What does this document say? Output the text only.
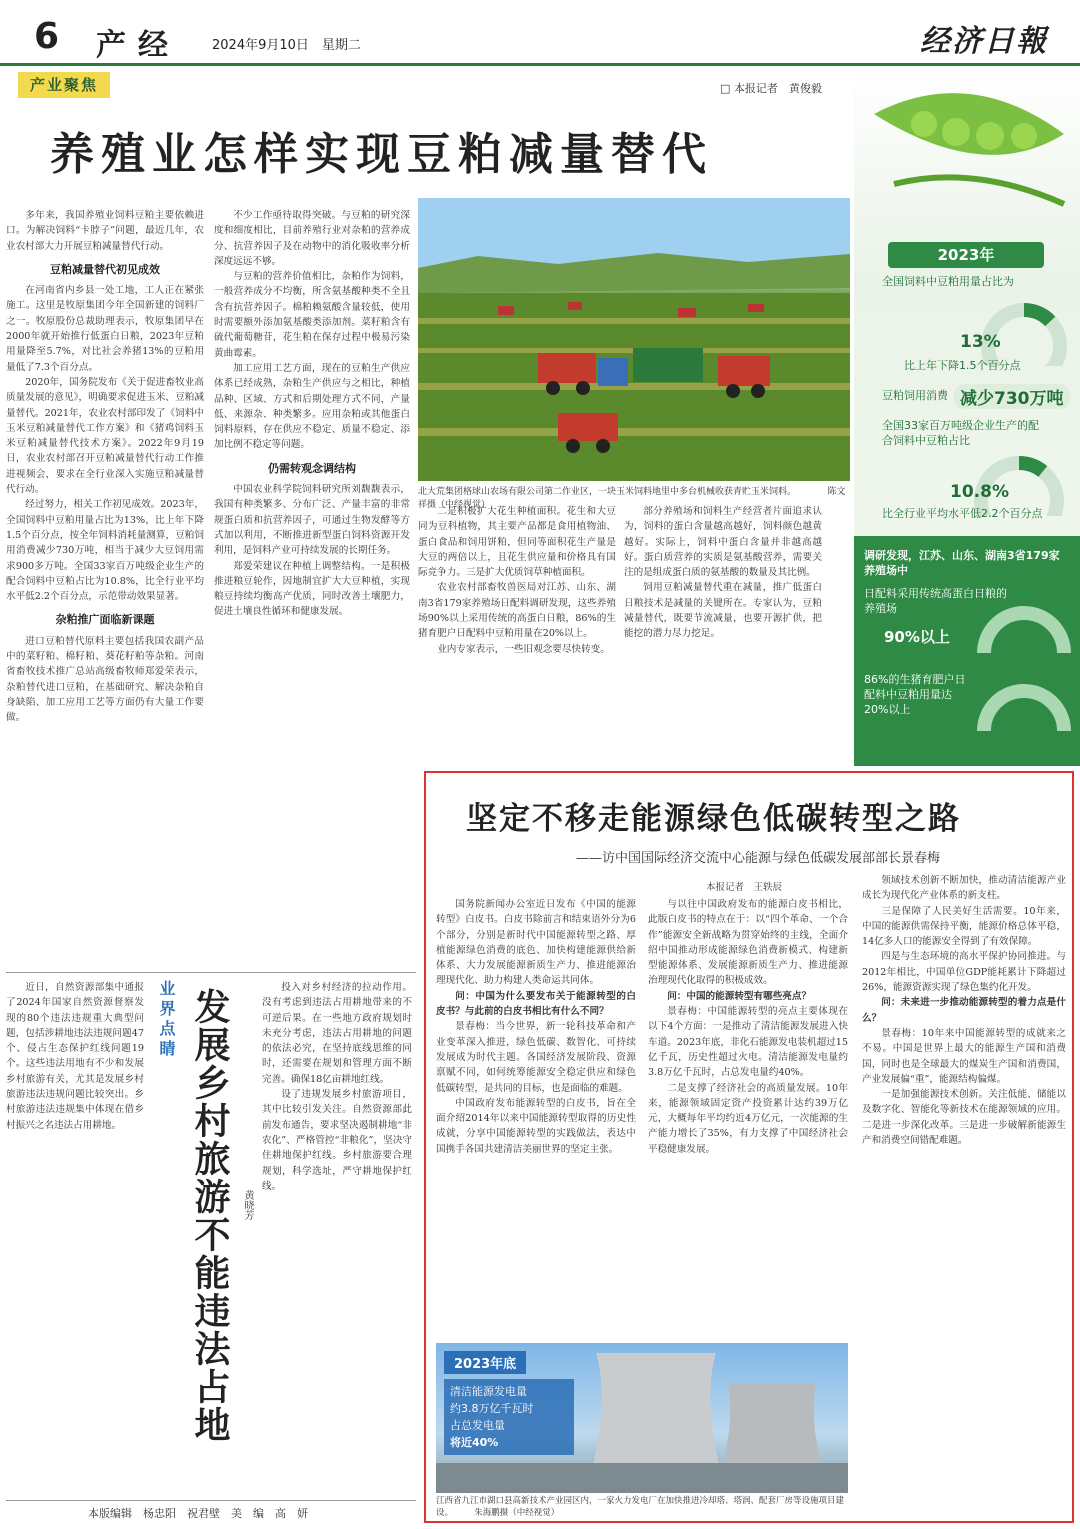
6 产经 2024年9月10日　星期二	经济日報
产业聚焦	□ 本报记者　黄俊毅
养殖业怎样实现豆粕减量替代

多年来，我国养殖业饲料豆粕主要依赖进口。为解决饲料“卡脖子”问题，最近几年，农业农村部大力开展豆粕减量替代行动。

豆粕减量替代初见成效

在河南省内乡县一处工地，工人正在紧张施工。这里是牧原集团今年全国新建的饲料厂之一。牧原股份总裁助理表示，牧原集团早在2000年就开始推行低蛋白日粮，2023年豆粕用量降至5.7%，对比社会养猪13%的豆粕用量低了7.3个百分点。

2020年，国务院发布《关于促进畜牧业高质量发展的意见》，明确要求促进玉米、豆粕减量替代。2021年，农业农村部印发了《饲料中玉米豆粕减量替代工作方案》和《猪鸡饲料玉米豆粕减量替代技术方案》。2022年9月19日，农业农村部召开豆粕减量替代行动工作推进视频会，要求在全行业深入实施豆粕减量替代行动。

经过努力，相关工作初见成效。2023年，全国饲料中豆粕用量占比为13%，比上年下降1.5个百分点，按全年饲料消耗量测算，豆粕饲用消费减少730万吨，相当于减少大豆饲用需求900多万吨。全国33家百万吨级企业生产的配合饲料中豆粕占比为10.8%，比全行业平均水平低2.2个百分点，示范带动效果显著。

杂粕推广面临新课题

进口豆粕替代原料主要包括我国农副产品中的菜籽粕、棉籽粕、葵花籽粕等杂粕。河南省畜牧技术推广总站高级畜牧师郑爱荣表示，杂粕替代进口豆粕，在基础研究、解决杂粕自身缺陷、加工应用工艺等方面仍有大量工作要做。

不少工作亟待取得突破。与豆粕的研究深度和细度相比，目前养殖行业对杂粕的营养成分、抗营养因子及在动物中的消化吸收率分析深度远远不够。

与豆粕的营养价值相比，杂粕作为饲料，一般营养成分不均衡，所含氨基酸种类不全且含有抗营养因子。棉粕赖氨酸含量较低，使用时需要额外添加氨基酸类添加剂。菜籽粕含有硫代葡萄糖苷，花生粕在保存过程中极易污染黄曲霉素。

加工应用工艺方面，现在的豆粕生产供应体系已经成熟，杂粕生产供应与之相比，种植品种、区域、方式和后期处理方式不同，产量低、来源杂、种类繁多。应用杂粕或其他蛋白饲料原料，存在供应不稳定、质量不稳定、添加比例不稳定等问题。

仍需转观念调结构

中国农业科学院饲料研究所刘馥馥表示，我国有种类繁多、分布广泛、产量丰富的非常规蛋白质和抗营养因子，可通过生物发酵等方式加以利用，不断推进新型蛋白饲料资源开发利用，是饲料产业可持续发展的长期任务。

郑爱荣建议在种植上调整结构。一是积极推进粮豆轮作，因地制宜扩大大豆种植，实现粮豆持续均衡高产优质，同时改善土壤肥力，促进土壤良性循环和健康发展。

北大荒集团格球山农场有限公司第二作业区，一块玉米饲料地里中多台机械收获青贮玉米饲料。　　　　陈文祥摄（中经视觉）

二是积极扩大花生种植面积。花生和大豆同为豆科植物，其主要产品都是食用植物油、蛋白食品和饲用饼粕，但同等面积花生产量是大豆的两倍以上，且花生供应量和价格具有国际竞争力。三是扩大优质饲草种植面积。

农业农村部畜牧兽医局对江苏、山东、湖南3省179家养殖场日配料调研发现，这些养殖场90%以上采用传统的高蛋白日粮，86%的生猪育肥户日配料中豆粕用量在20%以上。

业内专家表示，一些旧观念要尽快转变。

部分养殖场和饲料生产经营者片面追求认为，饲料的蛋白含量越高越好，饲料颜色越黄越好。实际上，饲料中蛋白含量并非越高越好。蛋白质营养的实质是氨基酸营养，需要关注的是组成蛋白质的氨基酸的数量及其比例。

饲用豆粕减量替代重在减量，推广低蛋白日粮技术是减量的关键所在。专家认为，豆粕减量替代，既要节流减量，也要开源扩供，把能挖的潜力尽力挖足。

2023年
全国饲料中豆粕用量占比为
13%
比上年下降1.5个百分点
豆粕饲用消费 减少730万吨
全国33家百万吨级企业生产的配合饲料中豆粕占比
10.8%
比全行业平均水平低2.2个百分点
调研发现，江苏、山东、湖南3省179家养殖场中
日配料采用传统高蛋白日粮的养殖场
90%以上
86%的生猪育肥户日配料中豆粕用量达20%以上
坚定不移走能源绿色低碳转型之路
——访中国国际经济交流中心能源与绿色低碳发展部部长景春梅
本报记者　王轶辰

国务院新闻办公室近日发布《中国的能源转型》白皮书。白皮书除前言和结束语外分为6个部分，分别是新时代中国能源转型之路、厚植能源绿色消费的底色、加快构建能源供给新体系、大力发展能源新质生产力、推进能源治理现代化、助力构建人类命运共同体。

问：中国为什么要发布关于能源转型的白皮书？与此前的白皮书相比有什么不同？

景春梅：当今世界，新一轮科技革命和产业变革深入推进，绿色低碳、数智化、可持续发展成为时代主题。各国经济发展阶段、资源禀赋不同，如何统筹能源安全稳定供应和绿色低碳转型，是共同的目标，也是面临的难题。

中国政府发布能源转型的白皮书，旨在全面介绍2014年以来中国能源转型取得的历史性成就，分享中国能源转型的实践做法，表达中国携手各国共建清洁美丽世界的坚定主张。

与以往中国政府发布的能源白皮书相比，此版白皮书的特点在于：以“四个革命、一个合作”能源安全新战略为贯穿始终的主线，全面介绍中国推动形成能源绿色消费新模式、构建新型能源体系、发展能源新质生产力、推进能源治理现代化取得的积极成效。

问：中国的能源转型有哪些亮点？

景春梅：中国能源转型的亮点主要体现在以下4个方面：一是推动了清洁能源发展进入快车道。2023年底，非化石能源发电装机超过15亿千瓦，历史性超过火电。清洁能源发电量约3.8万亿千瓦时，占总发电量约40%。

二是支撑了经济社会的高质量发展。10年来，能源领域固定资产投资累计达约39万亿元，大概每年平均约近4万亿元，一次能源的生产能力增长了35%，有力支撑了中国经济社会平稳健康发展。

领域技术创新不断加快，推动清洁能源产业成长为现代化产业体系的新支柱。

三是保障了人民美好生活需要。10年来，中国的能源供需保持平衡，能源价格总体平稳，14亿多人口的能源安全得到了有效保障。

四是与生态环境的高水平保护协同推进。与2012年相比，中国单位GDP能耗累计下降超过26%，能源资源实现了绿色集约化开发。

问：未来进一步推动能源转型的着力点是什么？

景春梅：10年来中国能源转型的成就来之不易。中国是世界上最大的能源生产国和消费国，同时也是全球最大的煤炭生产国和消费国，产业发展偏“重”，能源结构偏煤。

一是加强能源技术创新。关注低能、储能以及数字化、智能化等新技术在能源领域的应用。二是进一步深化改革。三是进一步破解新能源生产和消费空间错配难题。

2023年底
清洁能源发电量
约3.8万亿千瓦时
占总发电量
将近40%
江西省九江市湖口县高新技术产业园区内，一家火力发电厂在加快推进冷却塔、塔润、配套厂房等设施项目建设。　　　朱海鹏摄（中经视觉）

近日，自然资源部集中通报了2024年国家自然资源督察发现的80个违法违规重大典型问题，包括涉耕地违法违规问题47个、侵占生态保护红线问题19个。这些违法用地有不少和发展乡村旅游有关，尤其是发展乡村旅游违法违规问题比较突出。乡村旅游违法违规集中体现在借乡村振兴之名违法占用耕地。

业界点睛 发展乡村旅游不能违法占地 黄晓芳

投入对乡村经济的拉动作用。没有考虑到违法占用耕地带来的不可逆后果。在一些地方政府规划时未充分考虑，违法占用耕地的问题的依法必究，在坚持底线思维的同时，还需要在规划和管理方面不断完善。确保18亿亩耕地红线。

设了违规发展乡村旅游项目，其中比较引发关注。自然资源部此前发布通告，要求坚决遏制耕地“非农化”、严格管控“非粮化”，坚决守住耕地保护红线。乡村旅游要合理规划，科学选址，严守耕地保护红线。

本版编辑　杨忠阳　祝君壁　美　编　高　妍
